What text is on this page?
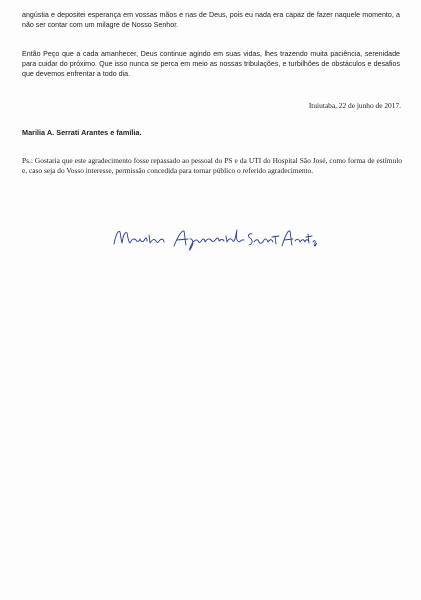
angústia e depositei esperança em vossas mãos e nas de Deus, pois eu nada era capaz de fazer naquele momento, a não ser contar com um milagre de Nosso Senhor.

Então Peço que a cada amanhecer, Deus continue agindo em suas vidas, lhes trazendo muita paciência, serenidade para cuidar do próximo. Que isso nunca se perca em meio as nossas tribulações, e turbilhões de obstáculos e desafios que devemos enfrentar a todo dia.

Ituiutaba, 22 de junho de 2017.

Marilia A. Serrati Arantes e família.

Ps.: Gostaria que este agradecimento fosse repassado ao pessoal do PS e da UTI do Hospital São José, como forma de estímulo e, caso seja do Vosso interesse, permissão concedida para tornar público o referido agradecimento.
